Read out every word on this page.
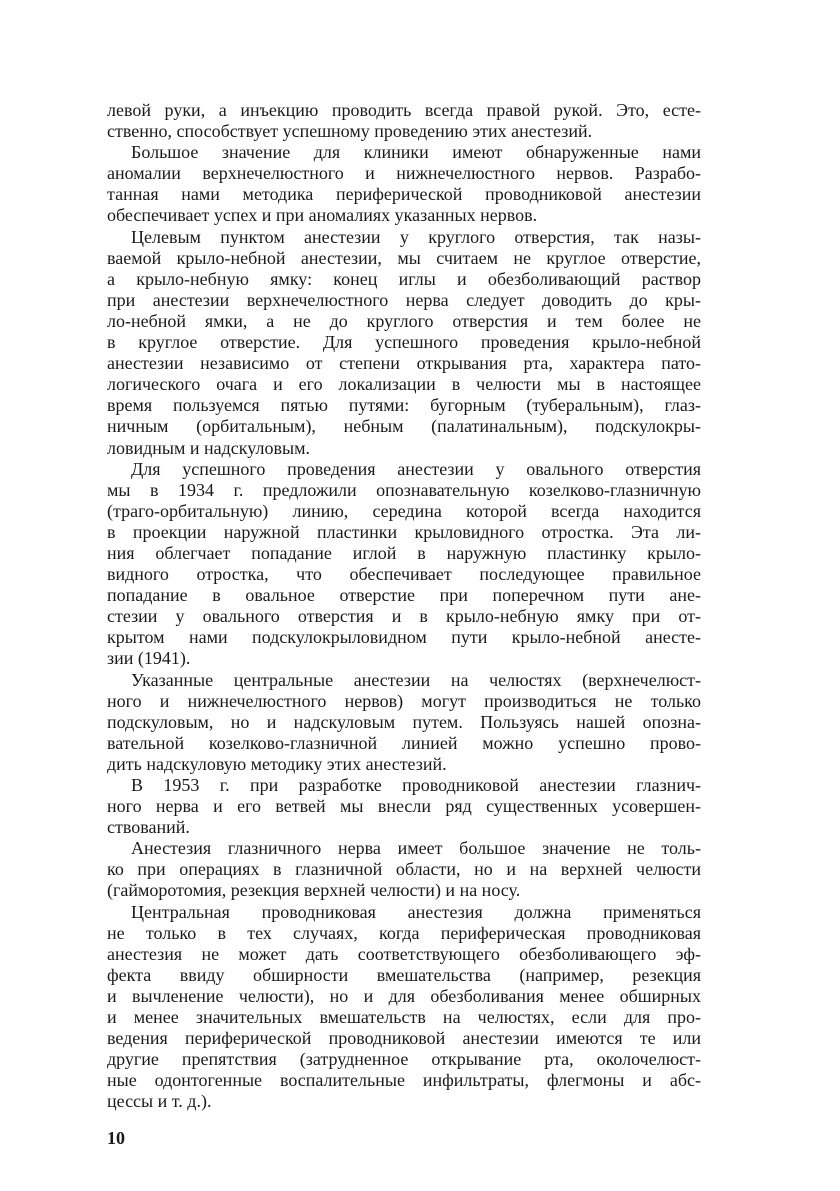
левой руки, а инъекцию проводить всегда правой рукой. Это, есте-
ственно, способствует успешному проведению этих анестезий.
Большое значение для клиники имеют обнаруженные нами
аномалии верхнечелюстного и нижнечелюстного нервов. Разрабо-
танная нами методика периферической проводниковой анестезии
обеспечивает успех и при аномалиях указанных нервов.
Целевым пунктом анестезии у круглого отверстия, так назы-
ваемой крыло-небной анестезии, мы считаем не круглое отверстие,
а крыло-небную ямку: конец иглы и обезболивающий раствор
при анестезии верхнечелюстного нерва следует доводить до кры-
ло-небной ямки, а не до круглого отверстия и тем более не
в круглое отверстие. Для успешного проведения крыло-небной
анестезии независимо от степени открывания рта, характера пато-
логического очага и его локализации в челюсти мы в настоящее
время пользуемся пятью путями: бугорным (туберальным), глаз-
ничным (орбитальным), небным (палатинальным), подскулокры-
ловидным и надскуловым.
Для успешного проведения анестезии у овального отверстия
мы в 1934 г. предложили опознавательную козелково-глазничную
(траго-орбитальную) линию, середина которой всегда находится
в проекции наружной пластинки крыловидного отростка. Эта ли-
ния облегчает попадание иглой в наружную пластинку крыло-
видного отростка, что обеспечивает последующее правильное
попадание в овальное отверстие при поперечном пути ане-
стезии у овального отверстия и в крыло-небную ямку при от-
крытом нами подскулокрыловидном пути крыло-небной анесте-
зии (1941).
Указанные центральные анестезии на челюстях (верхнечелюст-
ного и нижнечелюстного нервов) могут производиться не только
подскуловым, но и надскуловым путем. Пользуясь нашей опозна-
вательной козелково-глазничной линией можно успешно прово-
дить надскуловую методику этих анестезий.
В 1953 г. при разработке проводниковой анестезии глазнич-
ного нерва и его ветвей мы внесли ряд существенных усовершен-
ствований.
Анестезия глазничного нерва имеет большое значение не толь-
ко при операциях в глазничной области, но и на верхней челюсти
(гайморотомия, резекция верхней челюсти) и на носу.
Центральная проводниковая анестезия должна применяться
не только в тех случаях, когда периферическая проводниковая
анестезия не может дать соответствующего обезболивающего эф-
фекта ввиду обширности вмешательства (например, резекция
и вычленение челюсти), но и для обезболивания менее обширных
и менее значительных вмешательств на челюстях, если для про-
ведения периферической проводниковой анестезии имеются те или
другие препятствия (затрудненное открывание рта, околочелюст-
ные одонтогенные воспалительные инфильтраты, флегмоны и абс-
цессы и т. д.).
10
